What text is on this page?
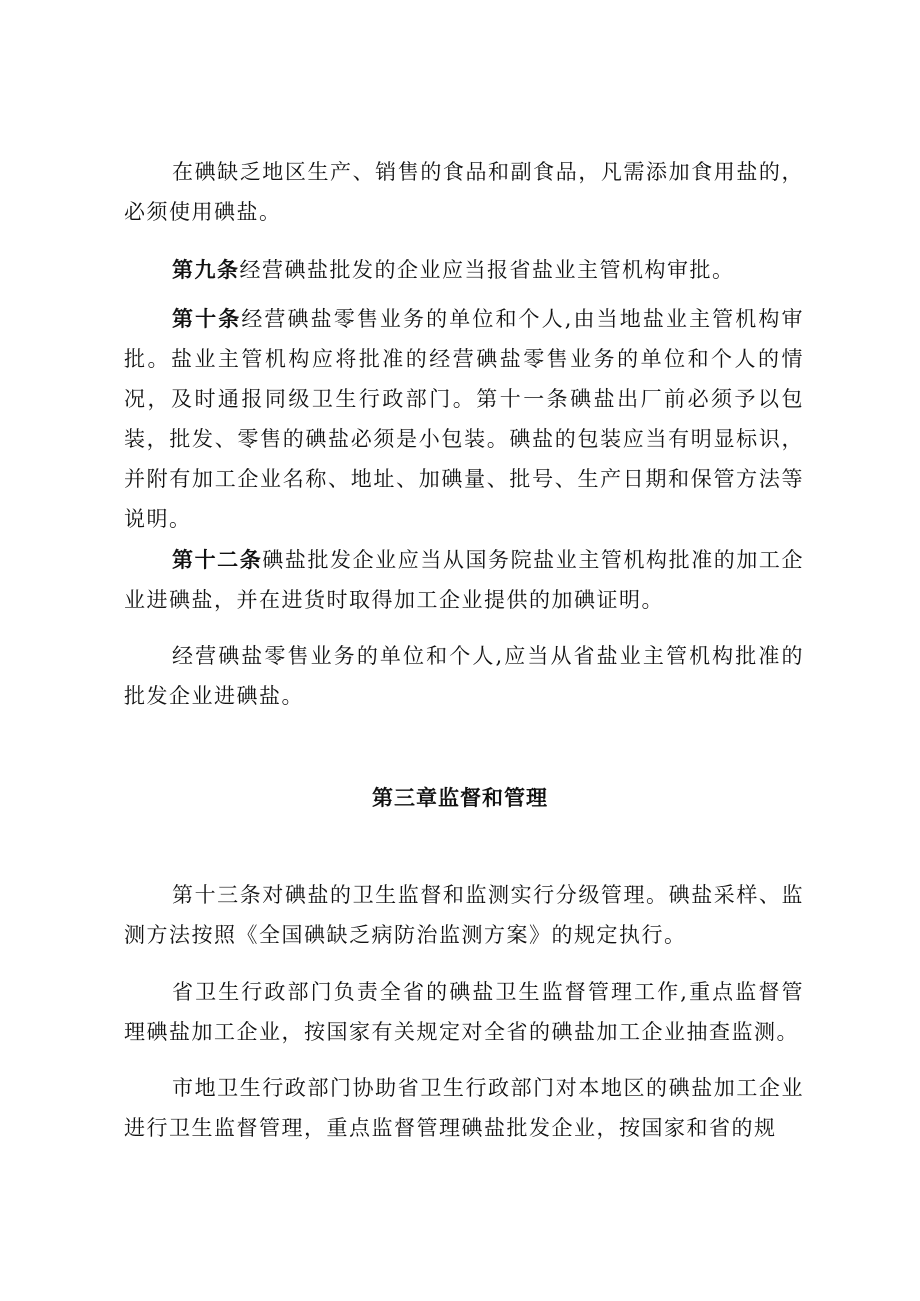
在碘缺乏地区生产、销售的食品和副食品，凡需添加食用盐的，必须使用碘盐。

第九条经营碘盐批发的企业应当报省盐业主管机构审批。

第十条经营碘盐零售业务的单位和个人,由当地盐业主管机构审批。盐业主管机构应将批准的经营碘盐零售业务的单位和个人的情况，及时通报同级卫生行政部门。第十一条碘盐出厂前必须予以包装，批发、零售的碘盐必须是小包装。碘盐的包装应当有明显标识，并附有加工企业名称、地址、加碘量、批号、生产日期和保管方法等说明。

第十二条碘盐批发企业应当从国务院盐业主管机构批准的加工企业进碘盐，并在进货时取得加工企业提供的加碘证明。

经营碘盐零售业务的单位和个人,应当从省盐业主管机构批准的批发企业进碘盐。

第三章监督和管理

第十三条对碘盐的卫生监督和监测实行分级管理。碘盐采样、监测方法按照《全国碘缺乏病防治监测方案》的规定执行。

省卫生行政部门负责全省的碘盐卫生监督管理工作,重点监督管理碘盐加工企业，按国家有关规定对全省的碘盐加工企业抽查监测。

市地卫生行政部门协助省卫生行政部门对本地区的碘盐加工企业进行卫生监督管理，重点监督管理碘盐批发企业，按国家和省的规
